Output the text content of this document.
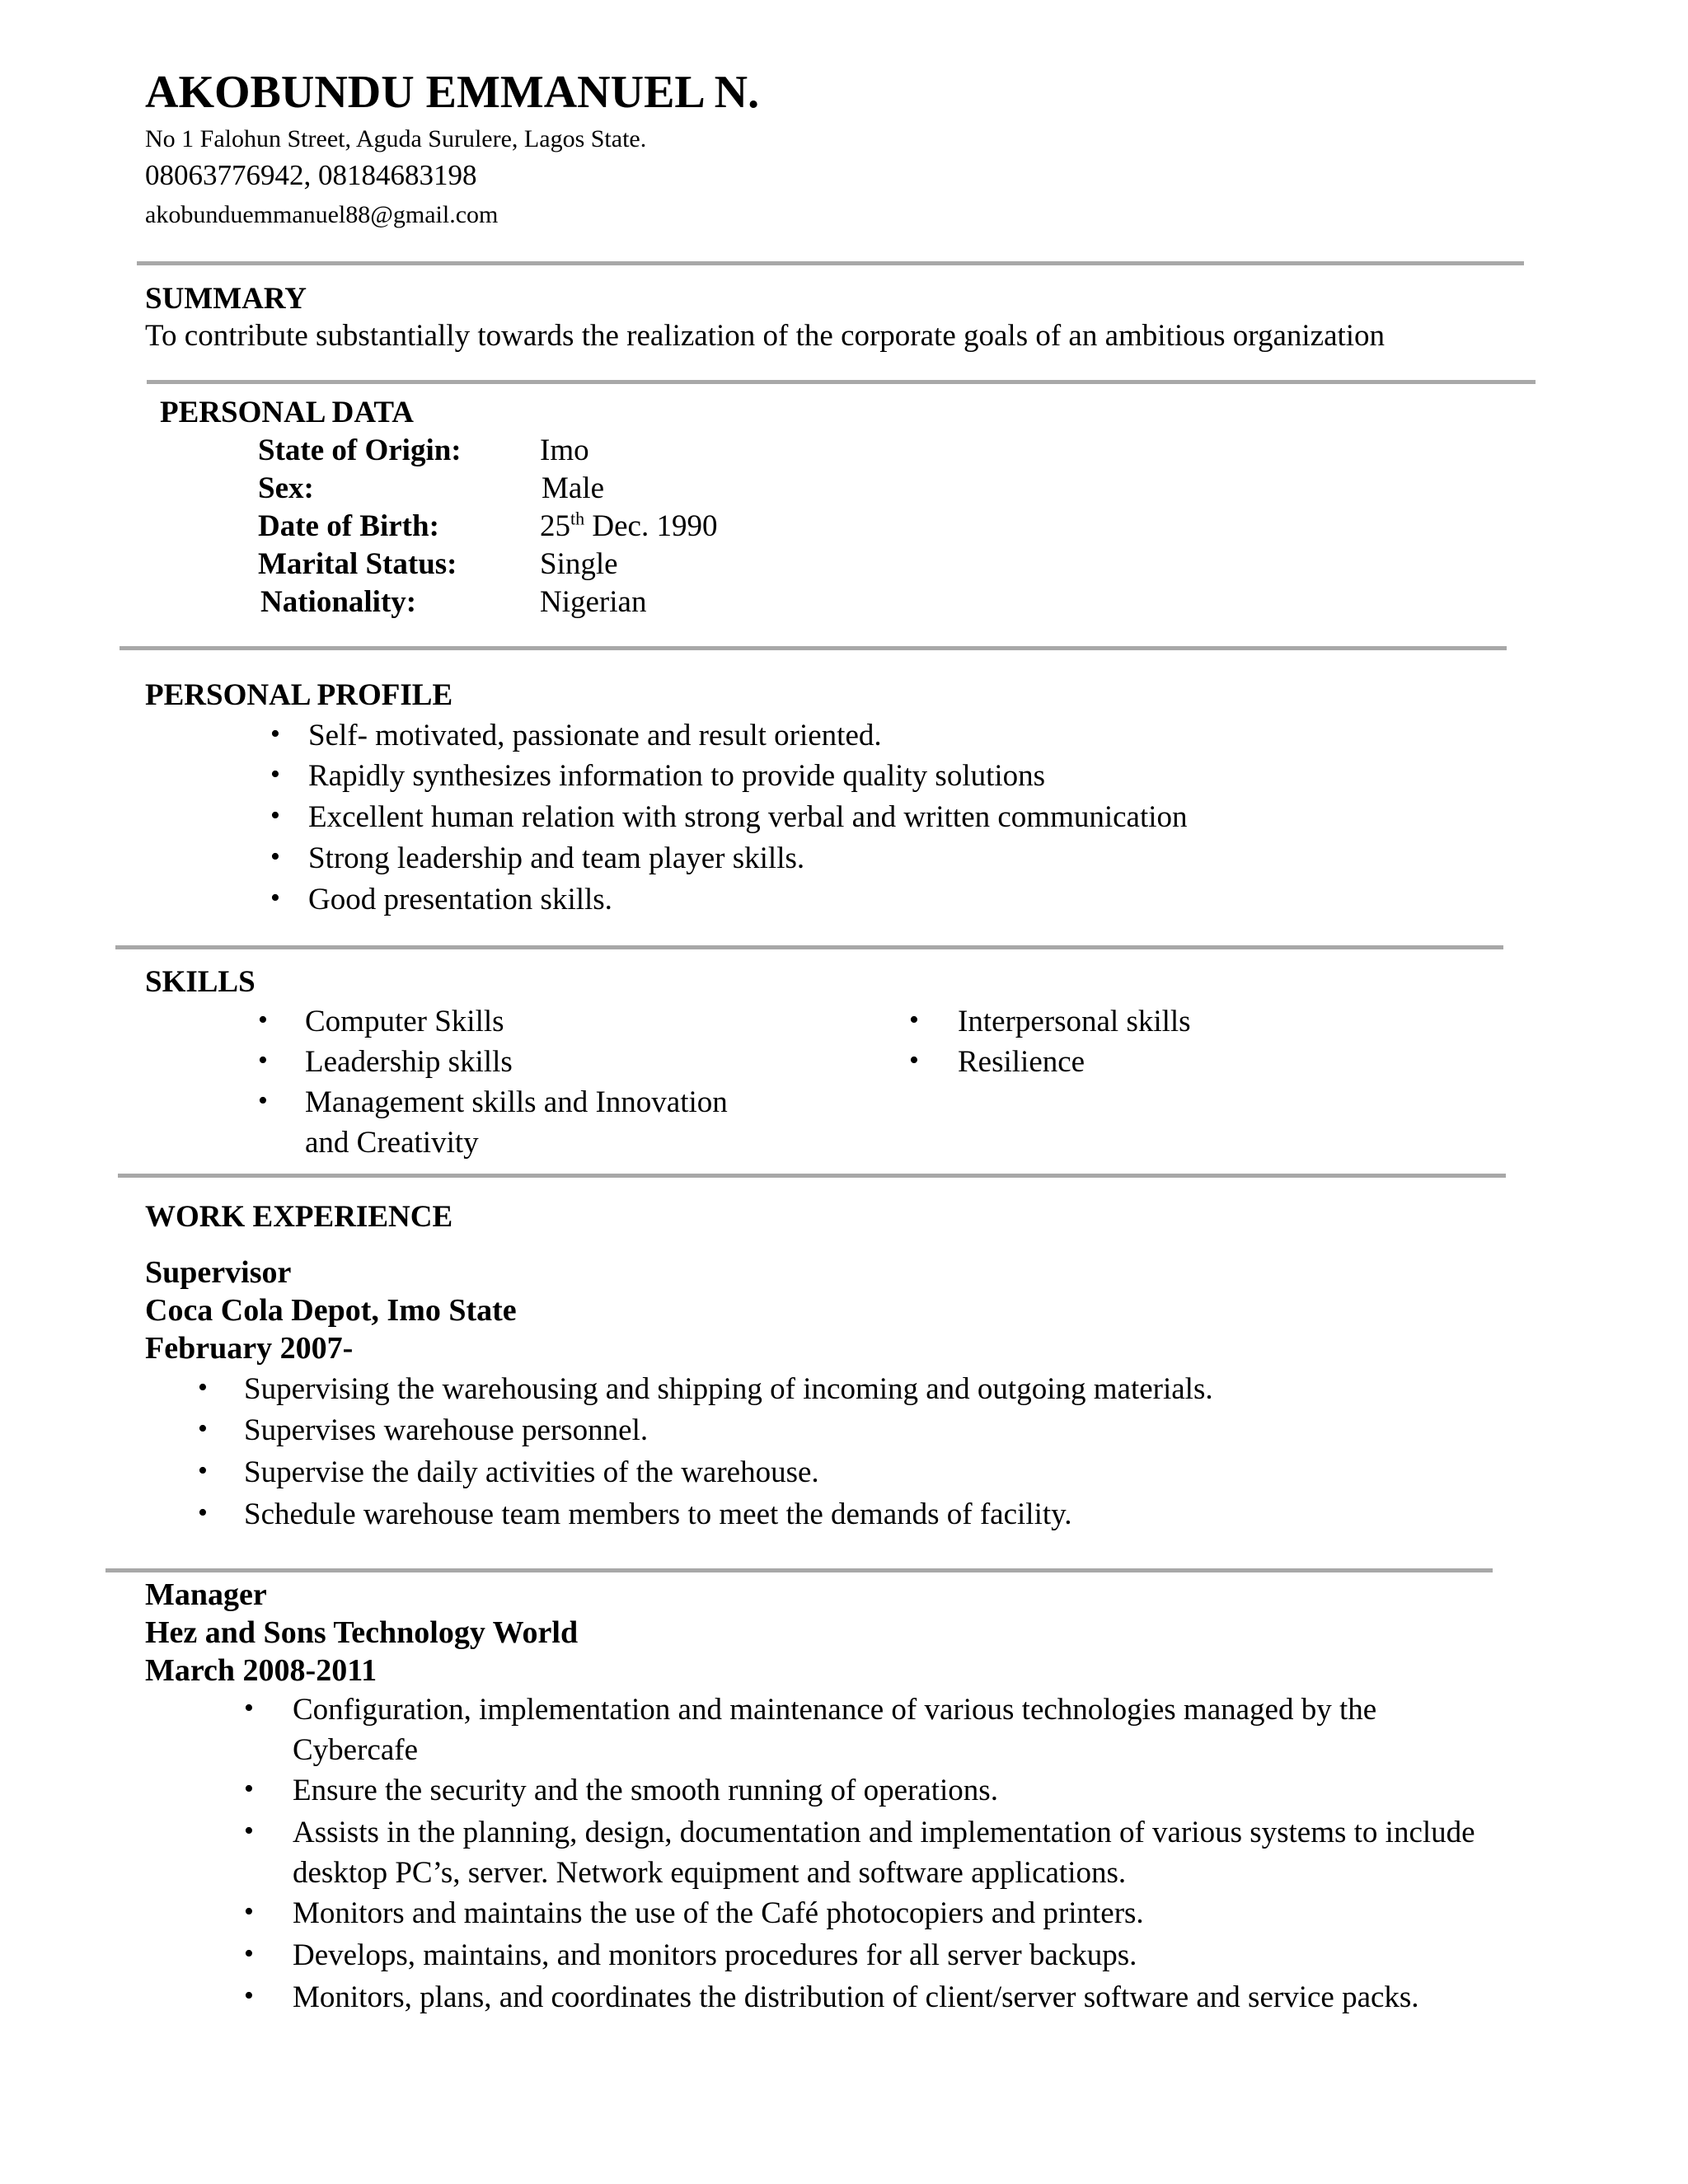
AKOBUNDU EMMANUEL N.
No 1 Falohun Street, Aguda Surulere, Lagos State.
08063776942, 08184683198
akobunduemmanuel88@gmail.com
SUMMARY
To contribute substantially towards the realization of the corporate goals of an ambitious organization
PERSONAL DATA
State of Origin:	Imo
Sex:	Male
Date of Birth:	25th Dec. 1990
Marital Status:	Single
Nationality:	Nigerian
PERSONAL PROFILE
• Self- motivated, passionate and result oriented.
• Rapidly synthesizes information to provide quality solutions
• Excellent human relation with strong verbal and written communication
• Strong leadership and team player skills.
• Good presentation skills.
SKILLS
• Computer Skills
• Leadership skills
• Management skills and Innovation
and Creativity
• Interpersonal skills
• Resilience
WORK EXPERIENCE
Supervisor
Coca Cola Depot, Imo State
February 2007-
• Supervising the warehousing and shipping of incoming and outgoing materials.
• Supervises warehouse personnel.
• Supervise the daily activities of the warehouse.
• Schedule warehouse team members to meet the demands of facility.
Manager
Hez and Sons Technology World
March 2008-2011
• Configuration, implementation and maintenance of various technologies managed by the
Cybercafe
• Ensure the security and the smooth running of operations.
• Assists in the planning, design, documentation and implementation of various systems to include
desktop PC’s, server. Network equipment and software applications.
• Monitors and maintains the use of the Café photocopiers and printers.
• Develops, maintains, and monitors procedures for all server backups.
• Monitors, plans, and coordinates the distribution of client/server software and service packs.
